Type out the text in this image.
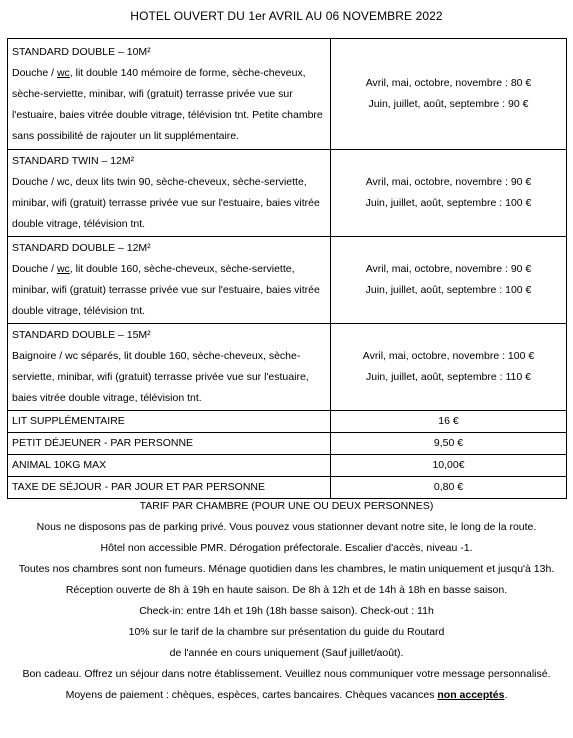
HOTEL OUVERT DU 1er AVRIL AU 06 NOVEMBRE 2022
STANDARD DOUBLE – 10M²
Douche / wc, lit double 140 mémoire de forme, sèche-cheveux, sèche-serviette, minibar, wifi (gratuit) terrasse privée vue sur l'estuaire, baies vitrée double vitrage, télévision tnt. Petite chambre sans possibilité de rajouter un lit supplémentaire.	Avril, mai, octobre, novembre : 80 €
Juin, juillet, août, septembre : 90 €

STANDARD TWIN – 12M²
Douche / wc, deux lits twin 90, sèche-cheveux, sèche-serviette, minibar, wifi (gratuit) terrasse privée vue sur l'estuaire, baies vitrée double vitrage, télévision tnt.	Avril, mai, octobre, novembre : 90 €
Juin, juillet, août, septembre : 100 €

STANDARD DOUBLE – 12M²
Douche / wc, lit double 160, sèche-cheveux, sèche-serviette, minibar, wifi (gratuit) terrasse privée vue sur l'estuaire, baies vitrée double vitrage, télévision tnt.	Avril, mai, octobre, novembre : 90 €
Juin, juillet, août, septembre : 100 €

STANDARD DOUBLE – 15M²
Baignoire / wc séparés, lit double 160, sèche-cheveux, sèche-serviette, minibar, wifi (gratuit) terrasse privée vue sur l'estuaire, baies vitrée double vitrage, télévision tnt.	Avril, mai, octobre, novembre : 100 €
Juin, juillet, août, septembre : 110 €

LIT SUPPLÉMENTAIRE	16 €
PETIT DÉJEUNER - PAR PERSONNE	9,50 €
ANIMAL 10KG MAX	10,00€
TAXE DE SÉJOUR - PAR JOUR ET PAR PERSONNE	0,80 €
TARIF PAR CHAMBRE (POUR UNE OU DEUX PERSONNES)
Nous ne disposons pas de parking privé. Vous pouvez vous stationner devant notre site, le long de la route.
Hôtel non accessible PMR. Dérogation préfectorale. Escalier d'accès, niveau -1.
Toutes nos chambres sont non fumeurs. Ménage quotidien dans les chambres, le matin uniquement et jusqu'à 13h.
Réception ouverte de 8h à 19h en haute saison. De 8h à 12h et de 14h à 18h en basse saison.
Check-in: entre 14h et 19h (18h basse saison). Check-out : 11h
10% sur le tarif de la chambre sur présentation du guide du Routard
de l'année en cours uniquement (Sauf juillet/août).
Bon cadeau. Offrez un séjour dans notre établissement. Veuillez nous communiquer votre message personnalisé.
Moyens de paiement : chèques, espèces, cartes bancaires. Chèques vacances non acceptés.
